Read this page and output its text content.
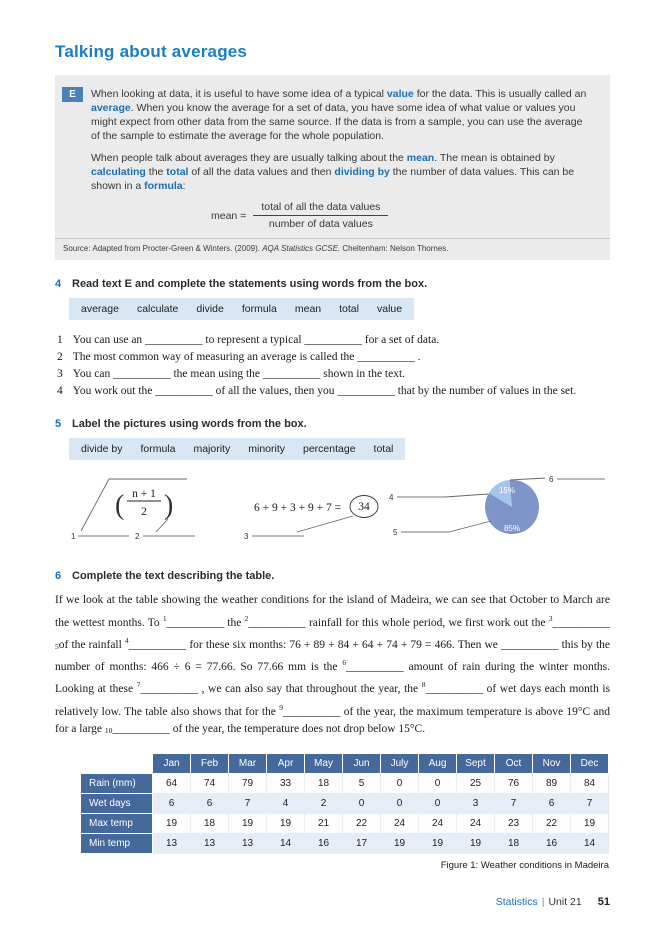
Talking about averages
E	When looking at data, it is useful to have some idea of a typical value for the data. This is usually called an average. When you know the average for a set of data, you have some idea of what value or values you might expect from other data from the same source. If the data is from a sample, you can use the average of the sample to estimate the average for the whole population.

When people talk about averages they are usually talking about the mean. The mean is obtained by calculating the total of all the data values and then dividing by the number of data values. This can be shown in a formula:

mean = $\frac{\text{total of all the data values}}{\text{number of data values}}$

Source: Adapted from Procter-Green & Winters. (2009). AQA Statistics GCSE. Cheltenham: Nelson Thornes.

4 Read text E and complete the statements using words from the box.
average calculate divide formula mean total value
1 You can use an __________ to represent a typical __________ for a set of data.
2 The most common way of measuring an average is called the __________ .
3 You can __________ the mean using the __________ shown in the text.
4 You work out the __________ of all the values, then you __________ that by the number of values in the set.
5 Label the pictures using words from the box.
divide by formula majority minority percentage total
( n + 1
2 )
1	2
6 + 9 + 3 + 9 + 7 = 34
3
15%
85%
4
5
6
6 Complete the text describing the table.

If we look at the table showing the weather conditions for the island of Madeira, we can see that October to March are the wettest months. To $^1$__________ the $^2$__________ rainfall for this whole period, we first work out the $^3$__________ $_5$of the rainfall $^4$__________ for these six months: 76 + 89 + 84 + 64 + 74 + 79 = 466. Then we __________ this by the number of months: 466 ÷ 6 = 77.66. So 77.66 mm is the $^6$__________ amount of rain during the winter months. Looking at these $^7$__________ , we can also say that throughout the year, the $^8$__________ of wet days each month is relatively low. The table also shows that for the $^9$__________ of the year, the maximum temperature is above 19°C and for a large $_{10}$__________ of the year, the temperature does not drop below 15°C.

	Jan	Feb	Mar	Apr	May	Jun	July	Aug	Sept	Oct	Nov	Dec
Rain (mm)	64	74	79	33	18	5	0	0	25	76	89	84
Wet days	6	6	7	4	2	0	0	0	3	7	6	7
Max temp	19	18	19	19	21	22	24	24	24	23	22	19
Min temp	13	13	13	14	16	17	19	19	19	18	16	14
Figure 1: Weather conditions in Madeira
Statistics | Unit 21 51
